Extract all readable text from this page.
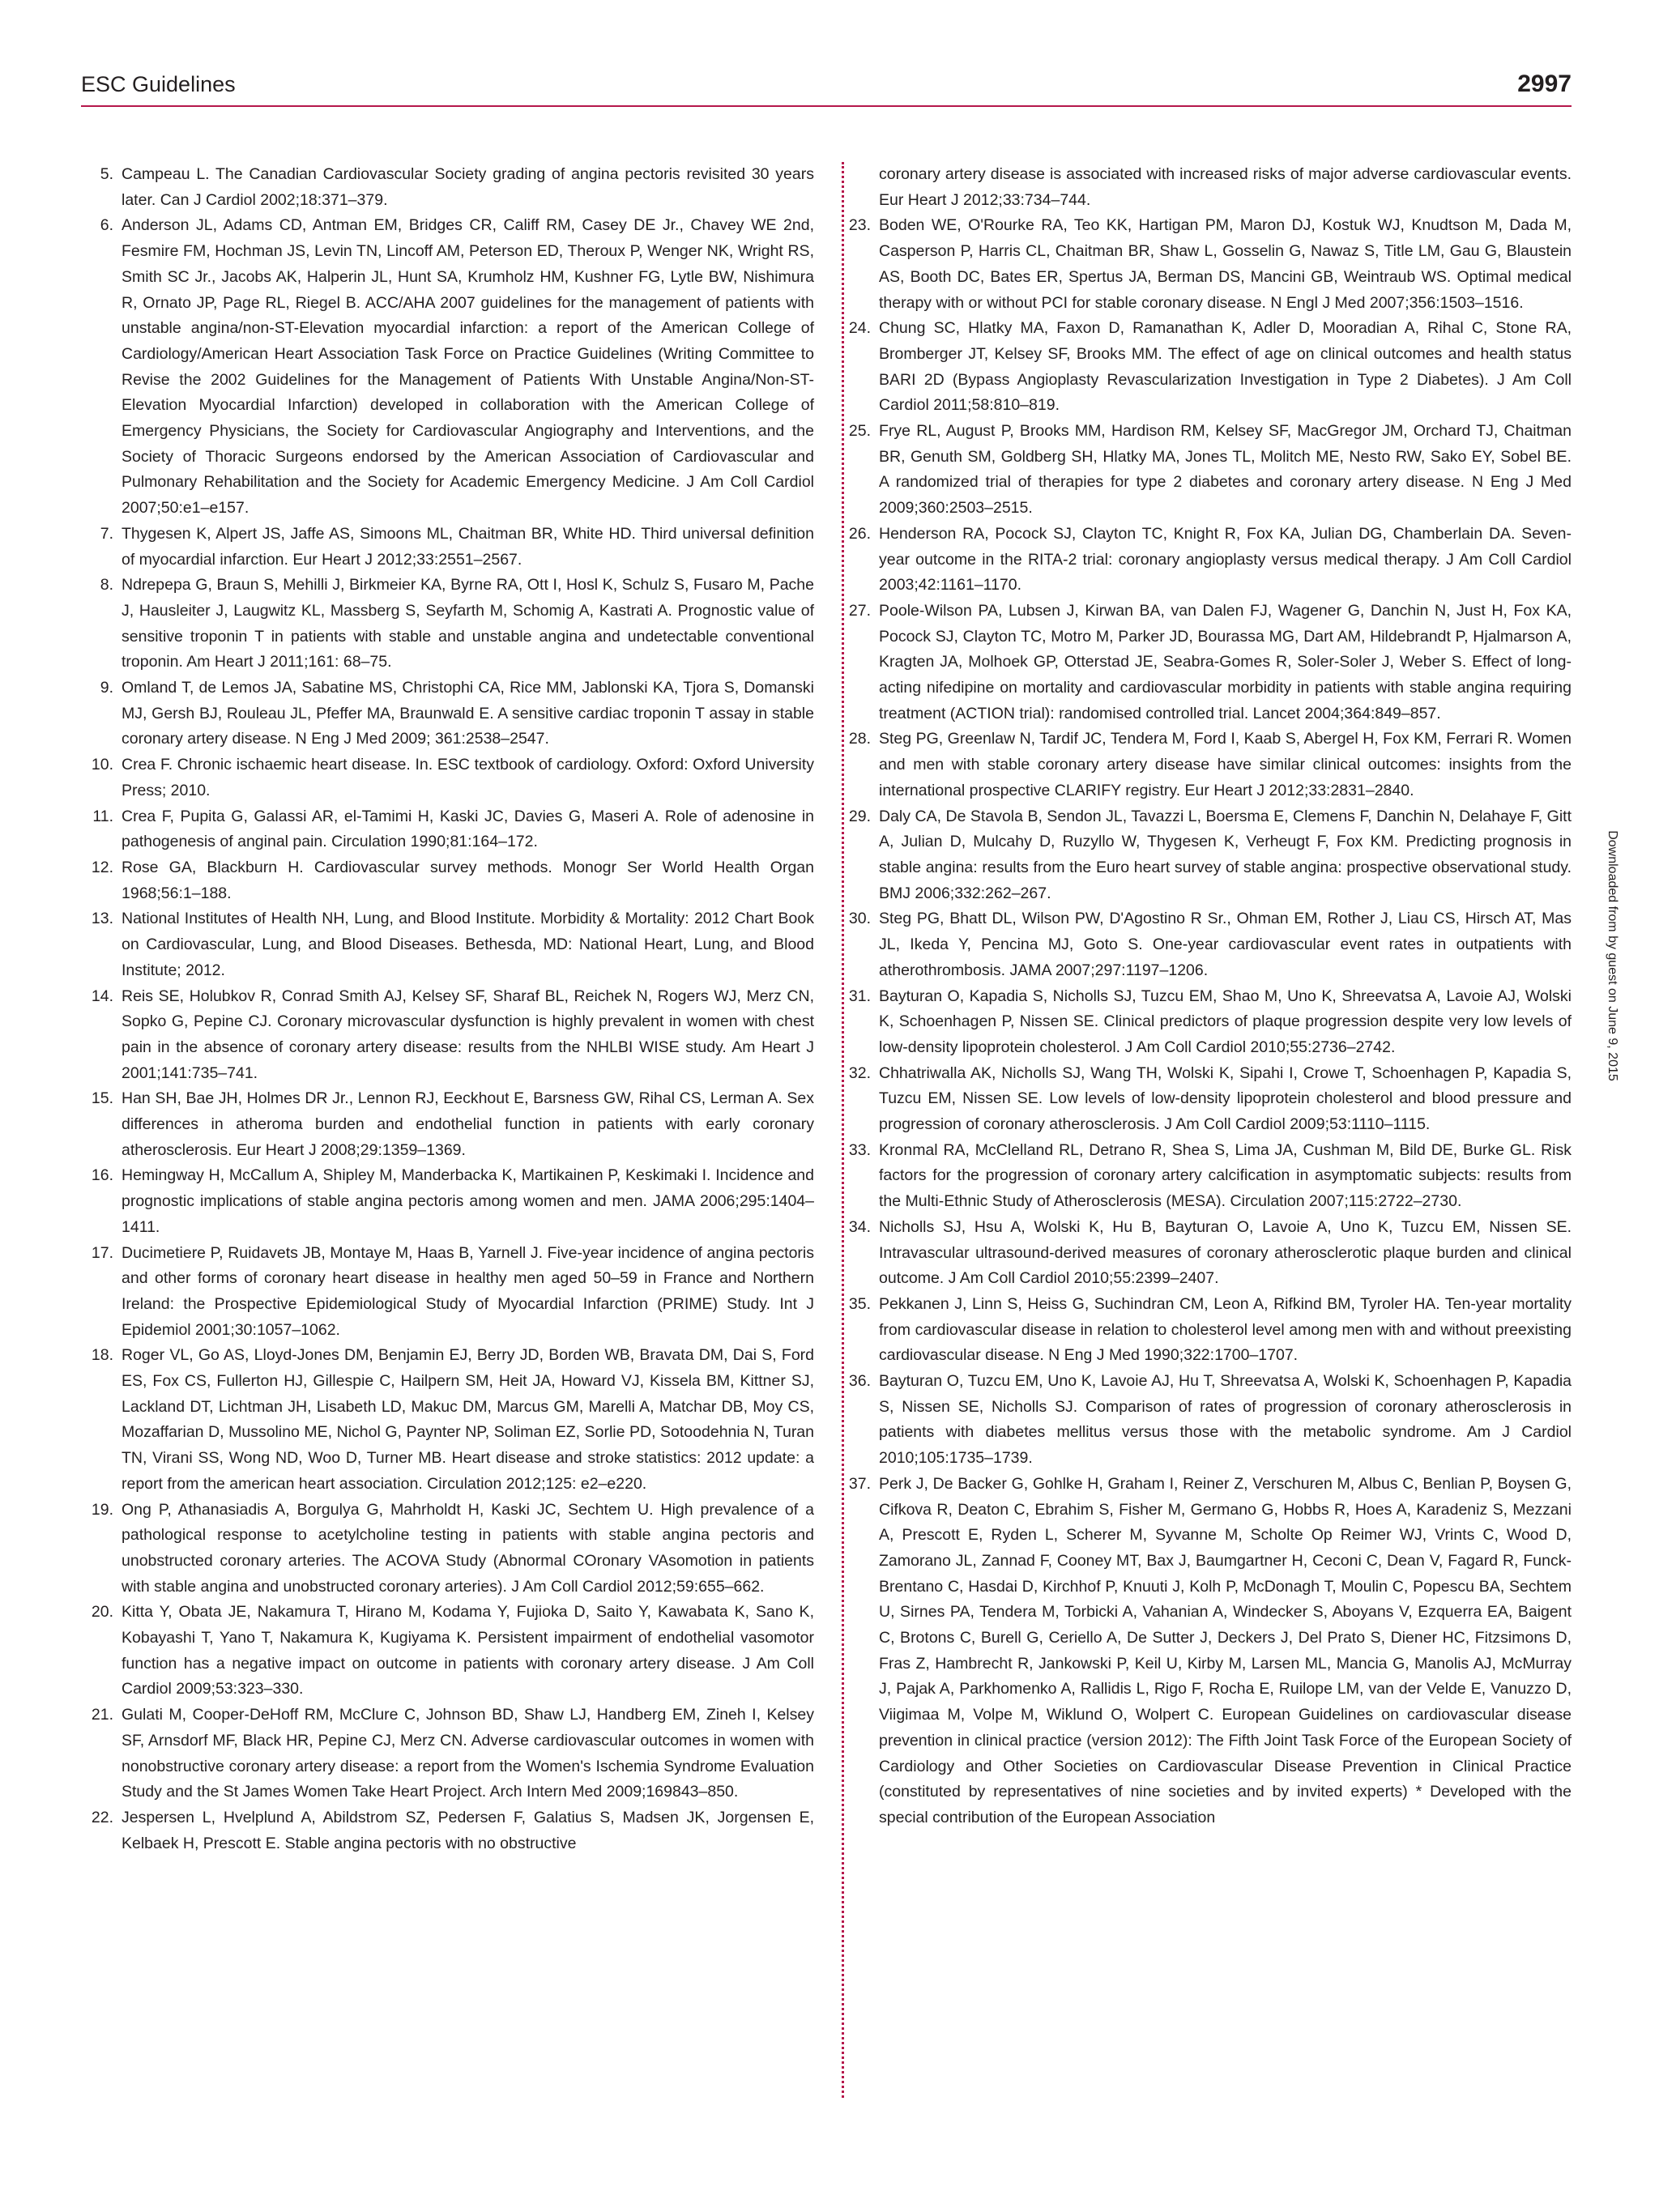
ESC Guidelines	2997
5. Campeau L. The Canadian Cardiovascular Society grading of angina pectoris revisited 30 years later. Can J Cardiol 2002;18:371–379.
6. Anderson JL, Adams CD, Antman EM, Bridges CR, Califf RM, Casey DE Jr., Chavey WE 2nd, Fesmire FM, Hochman JS, Levin TN, Lincoff AM, Peterson ED, Theroux P, Wenger NK, Wright RS, Smith SC Jr., Jacobs AK, Halperin JL, Hunt SA, Krumholz HM, Kushner FG, Lytle BW, Nishimura R, Ornato JP, Page RL, Riegel B. ACC/AHA 2007 guidelines for the management of patients with unstable angina/non-ST-Elevation myocardial infarction: a report of the American College of Cardiology/American Heart Association Task Force on Practice Guidelines (Writing Committee to Revise the 2002 Guidelines for the Management of Patients With Unstable Angina/Non-ST-Elevation Myocardial Infarction) developed in collaboration with the American College of Emergency Physicians, the Society for Cardiovascular Angiography and Interventions, and the Society of Thoracic Surgeons endorsed by the American Association of Cardiovascular and Pulmonary Rehabilitation and the Society for Academic Emergency Medicine. J Am Coll Cardiol 2007;50:e1–e157.
7. Thygesen K, Alpert JS, Jaffe AS, Simoons ML, Chaitman BR, White HD. Third universal definition of myocardial infarction. Eur Heart J 2012;33:2551–2567.
8. Ndrepepa G, Braun S, Mehilli J, Birkmeier KA, Byrne RA, Ott I, Hosl K, Schulz S, Fusaro M, Pache J, Hausleiter J, Laugwitz KL, Massberg S, Seyfarth M, Schomig A, Kastrati A. Prognostic value of sensitive troponin T in patients with stable and unstable angina and undetectable conventional troponin. Am Heart J 2011;161: 68–75.
9. Omland T, de Lemos JA, Sabatine MS, Christophi CA, Rice MM, Jablonski KA, Tjora S, Domanski MJ, Gersh BJ, Rouleau JL, Pfeffer MA, Braunwald E. A sensitive cardiac troponin T assay in stable coronary artery disease. N Eng J Med 2009; 361:2538–2547.
10. Crea F. Chronic ischaemic heart disease. In. ESC textbook of cardiology. Oxford: Oxford University Press; 2010.
11. Crea F, Pupita G, Galassi AR, el-Tamimi H, Kaski JC, Davies G, Maseri A. Role of adenosine in pathogenesis of anginal pain. Circulation 1990;81:164–172.
12. Rose GA, Blackburn H. Cardiovascular survey methods. Monogr Ser World Health Organ 1968;56:1–188.
13. National Institutes of Health NH, Lung, and Blood Institute. Morbidity & Mortality: 2012 Chart Book on Cardiovascular, Lung, and Blood Diseases. Bethesda, MD: National Heart, Lung, and Blood Institute; 2012.
14. Reis SE, Holubkov R, Conrad Smith AJ, Kelsey SF, Sharaf BL, Reichek N, Rogers WJ, Merz CN, Sopko G, Pepine CJ. Coronary microvascular dysfunction is highly prevalent in women with chest pain in the absence of coronary artery disease: results from the NHLBI WISE study. Am Heart J 2001;141:735–741.
15. Han SH, Bae JH, Holmes DR Jr., Lennon RJ, Eeckhout E, Barsness GW, Rihal CS, Lerman A. Sex differences in atheroma burden and endothelial function in patients with early coronary atherosclerosis. Eur Heart J 2008;29:1359–1369.
16. Hemingway H, McCallum A, Shipley M, Manderbacka K, Martikainen P, Keskimaki I. Incidence and prognostic implications of stable angina pectoris among women and men. JAMA 2006;295:1404–1411.
17. Ducimetiere P, Ruidavets JB, Montaye M, Haas B, Yarnell J. Five-year incidence of angina pectoris and other forms of coronary heart disease in healthy men aged 50–59 in France and Northern Ireland: the Prospective Epidemiological Study of Myocardial Infarction (PRIME) Study. Int J Epidemiol 2001;30:1057–1062.
18. Roger VL, Go AS, Lloyd-Jones DM, Benjamin EJ, Berry JD, Borden WB, Bravata DM, Dai S, Ford ES, Fox CS, Fullerton HJ, Gillespie C, Hailpern SM, Heit JA, Howard VJ, Kissela BM, Kittner SJ, Lackland DT, Lichtman JH, Lisabeth LD, Makuc DM, Marcus GM, Marelli A, Matchar DB, Moy CS, Mozaffarian D, Mussolino ME, Nichol G, Paynter NP, Soliman EZ, Sorlie PD, Sotoodehnia N, Turan TN, Virani SS, Wong ND, Woo D, Turner MB. Heart disease and stroke statistics: 2012 update: a report from the american heart association. Circulation 2012;125: e2–e220.
19. Ong P, Athanasiadis A, Borgulya G, Mahrholdt H, Kaski JC, Sechtem U. High prevalence of a pathological response to acetylcholine testing in patients with stable angina pectoris and unobstructed coronary arteries. The ACOVA Study (Abnormal COronary VAsomotion in patients with stable angina and unobstructed coronary arteries). J Am Coll Cardiol 2012;59:655–662.
20. Kitta Y, Obata JE, Nakamura T, Hirano M, Kodama Y, Fujioka D, Saito Y, Kawabata K, Sano K, Kobayashi T, Yano T, Nakamura K, Kugiyama K. Persistent impairment of endothelial vasomotor function has a negative impact on outcome in patients with coronary artery disease. J Am Coll Cardiol 2009;53:323–330.
21. Gulati M, Cooper-DeHoff RM, McClure C, Johnson BD, Shaw LJ, Handberg EM, Zineh I, Kelsey SF, Arnsdorf MF, Black HR, Pepine CJ, Merz CN. Adverse cardiovascular outcomes in women with nonobstructive coronary artery disease: a report from the Women's Ischemia Syndrome Evaluation Study and the St James Women Take Heart Project. Arch Intern Med 2009;169843–850.
22. Jespersen L, Hvelplund A, Abildstrom SZ, Pedersen F, Galatius S, Madsen JK, Jorgensen E, Kelbaek H, Prescott E. Stable angina pectoris with no obstructive
coronary artery disease is associated with increased risks of major adverse cardiovascular events. Eur Heart J 2012;33:734–744.
23. Boden WE, O'Rourke RA, Teo KK, Hartigan PM, Maron DJ, Kostuk WJ, Knudtson M, Dada M, Casperson P, Harris CL, Chaitman BR, Shaw L, Gosselin G, Nawaz S, Title LM, Gau G, Blaustein AS, Booth DC, Bates ER, Spertus JA, Berman DS, Mancini GB, Weintraub WS. Optimal medical therapy with or without PCI for stable coronary disease. N Engl J Med 2007;356:1503–1516.
24. Chung SC, Hlatky MA, Faxon D, Ramanathan K, Adler D, Mooradian A, Rihal C, Stone RA, Bromberger JT, Kelsey SF, Brooks MM. The effect of age on clinical outcomes and health status BARI 2D (Bypass Angioplasty Revascularization Investigation in Type 2 Diabetes). J Am Coll Cardiol 2011;58:810–819.
25. Frye RL, August P, Brooks MM, Hardison RM, Kelsey SF, MacGregor JM, Orchard TJ, Chaitman BR, Genuth SM, Goldberg SH, Hlatky MA, Jones TL, Molitch ME, Nesto RW, Sako EY, Sobel BE. A randomized trial of therapies for type 2 diabetes and coronary artery disease. N Eng J Med 2009;360:2503–2515.
26. Henderson RA, Pocock SJ, Clayton TC, Knight R, Fox KA, Julian DG, Chamberlain DA. Seven-year outcome in the RITA-2 trial: coronary angioplasty versus medical therapy. J Am Coll Cardiol 2003;42:1161–1170.
27. Poole-Wilson PA, Lubsen J, Kirwan BA, van Dalen FJ, Wagener G, Danchin N, Just H, Fox KA, Pocock SJ, Clayton TC, Motro M, Parker JD, Bourassa MG, Dart AM, Hildebrandt P, Hjalmarson A, Kragten JA, Molhoek GP, Otterstad JE, Seabra-Gomes R, Soler-Soler J, Weber S. Effect of long-acting nifedipine on mortality and cardiovascular morbidity in patients with stable angina requiring treatment (ACTION trial): randomised controlled trial. Lancet 2004;364:849–857.
28. Steg PG, Greenlaw N, Tardif JC, Tendera M, Ford I, Kaab S, Abergel H, Fox KM, Ferrari R. Women and men with stable coronary artery disease have similar clinical outcomes: insights from the international prospective CLARIFY registry. Eur Heart J 2012;33:2831–2840.
29. Daly CA, De Stavola B, Sendon JL, Tavazzi L, Boersma E, Clemens F, Danchin N, Delahaye F, Gitt A, Julian D, Mulcahy D, Ruzyllo W, Thygesen K, Verheugt F, Fox KM. Predicting prognosis in stable angina: results from the Euro heart survey of stable angina: prospective observational study. BMJ 2006;332:262–267.
30. Steg PG, Bhatt DL, Wilson PW, D'Agostino R Sr., Ohman EM, Rother J, Liau CS, Hirsch AT, Mas JL, Ikeda Y, Pencina MJ, Goto S. One-year cardiovascular event rates in outpatients with atherothrombosis. JAMA 2007;297:1197–1206.
31. Bayturan O, Kapadia S, Nicholls SJ, Tuzcu EM, Shao M, Uno K, Shreevatsa A, Lavoie AJ, Wolski K, Schoenhagen P, Nissen SE. Clinical predictors of plaque progression despite very low levels of low-density lipoprotein cholesterol. J Am Coll Cardiol 2010;55:2736–2742.
32. Chhatriwalla AK, Nicholls SJ, Wang TH, Wolski K, Sipahi I, Crowe T, Schoenhagen P, Kapadia S, Tuzcu EM, Nissen SE. Low levels of low-density lipoprotein cholesterol and blood pressure and progression of coronary atherosclerosis. J Am Coll Cardiol 2009;53:1110–1115.
33. Kronmal RA, McClelland RL, Detrano R, Shea S, Lima JA, Cushman M, Bild DE, Burke GL. Risk factors for the progression of coronary artery calcification in asymptomatic subjects: results from the Multi-Ethnic Study of Atherosclerosis (MESA). Circulation 2007;115:2722–2730.
34. Nicholls SJ, Hsu A, Wolski K, Hu B, Bayturan O, Lavoie A, Uno K, Tuzcu EM, Nissen SE. Intravascular ultrasound-derived measures of coronary atherosclerotic plaque burden and clinical outcome. J Am Coll Cardiol 2010;55:2399–2407.
35. Pekkanen J, Linn S, Heiss G, Suchindran CM, Leon A, Rifkind BM, Tyroler HA. Ten-year mortality from cardiovascular disease in relation to cholesterol level among men with and without preexisting cardiovascular disease. N Eng J Med 1990;322:1700–1707.
36. Bayturan O, Tuzcu EM, Uno K, Lavoie AJ, Hu T, Shreevatsa A, Wolski K, Schoenhagen P, Kapadia S, Nissen SE, Nicholls SJ. Comparison of rates of progression of coronary atherosclerosis in patients with diabetes mellitus versus those with the metabolic syndrome. Am J Cardiol 2010;105:1735–1739.
37. Perk J, De Backer G, Gohlke H, Graham I, Reiner Z, Verschuren M, Albus C, Benlian P, Boysen G, Cifkova R, Deaton C, Ebrahim S, Fisher M, Germano G, Hobbs R, Hoes A, Karadeniz S, Mezzani A, Prescott E, Ryden L, Scherer M, Syvanne M, Scholte Op Reimer WJ, Vrints C, Wood D, Zamorano JL, Zannad F, Cooney MT, Bax J, Baumgartner H, Ceconi C, Dean V, Fagard R, Funck-Brentano C, Hasdai D, Kirchhof P, Knuuti J, Kolh P, McDonagh T, Moulin C, Popescu BA, Sechtem U, Sirnes PA, Tendera M, Torbicki A, Vahanian A, Windecker S, Aboyans V, Ezquerra EA, Baigent C, Brotons C, Burell G, Ceriello A, De Sutter J, Deckers J, Del Prato S, Diener HC, Fitzsimons D, Fras Z, Hambrecht R, Jankowski P, Keil U, Kirby M, Larsen ML, Mancia G, Manolis AJ, McMurray J, Pajak A, Parkhomenko A, Rallidis L, Rigo F, Rocha E, Ruilope LM, van der Velde E, Vanuzzo D, Viigimaa M, Volpe M, Wiklund O, Wolpert C. European Guidelines on cardiovascular disease prevention in clinical practice (version 2012): The Fifth Joint Task Force of the European Society of Cardiology and Other Societies on Cardiovascular Disease Prevention in Clinical Practice (constituted by representatives of nine societies and by invited experts) * Developed with the special contribution of the European Association
Downloaded from by guest on June 9, 2015
